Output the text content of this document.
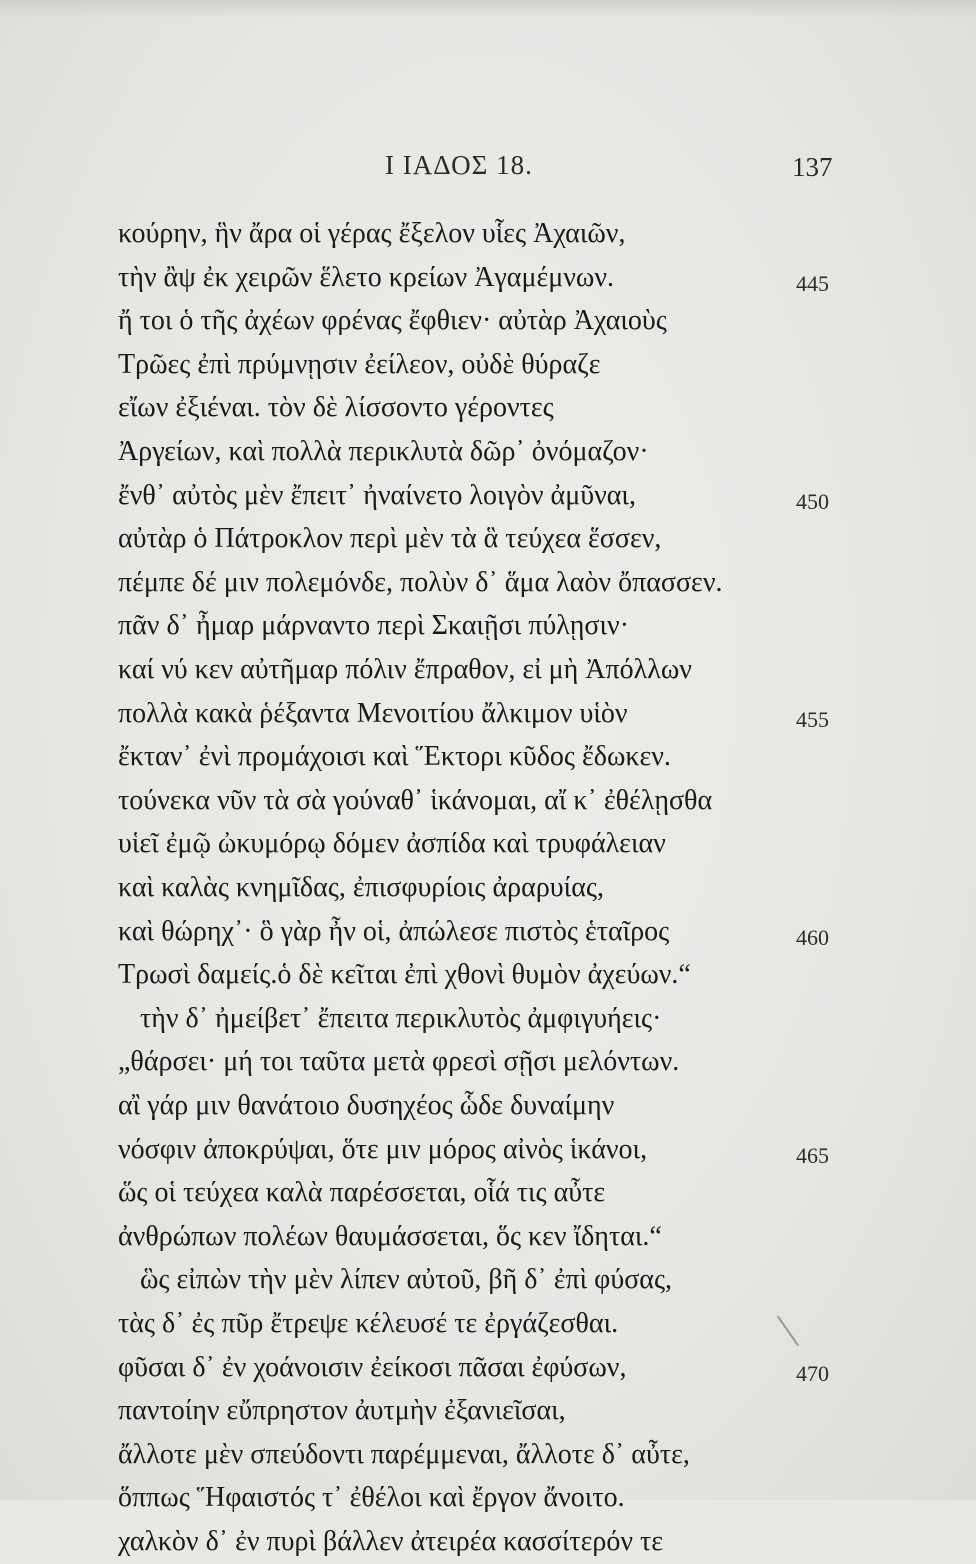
Ι ΙΑΔΟΣ 18.	137
κούρην, ἣν ἄρα οἱ γέρας ἔξελον υἷες Ἀχαιῶν,
τὴν ἂψ ἐκ χειρῶν ἕλετο κρείων Ἀγαμέμνων.	445
ἤ τοι ὁ τῆς ἀχέων φρένας ἔφθιεν· αὐτὰρ Ἀχαιοὺς
Τρῶες ἐπὶ πρύμνῃσιν ἐείλεον, οὐδὲ θύραζε
εἴων ἐξιέναι. τὸν δὲ λίσσοντο γέροντες
Ἀργείων, καὶ πολλὰ περικλυτὰ δῶρ᾽ ὀνόμαζον·
ἔνθ᾽ αὐτὸς μὲν ἔπειτ᾽ ἠναίνετο λοιγὸν ἀμῦναι,	450
αὐτὰρ ὁ Πάτροκλον περὶ μὲν τὰ ἃ τεύχεα ἕσσεν,
πέμπε δέ μιν πολεμόνδε, πολὺν δ᾽ ἅμα λαὸν ὄπασσεν.
πᾶν δ᾽ ἦμαρ μάρναντο περὶ Σκαιῇσι πύλῃσιν·
καί νύ κεν αὐτῆμαρ πόλιν ἔπραθον, εἰ μὴ Ἀπόλλων
πολλὰ κακὰ ῥέξαντα Μενοιτίου ἄλκιμον υἱὸν	455
ἔκταν᾽ ἐνὶ προμάχοισι καὶ Ἕκτορι κῦδος ἔδωκεν.
τούνεκα νῦν τὰ σὰ γούναθ᾽ ἱκάνομαι, αἴ κ᾽ ἐθέλῃσθα
υἱεῖ ἐμῷ ὠκυμόρῳ δόμεν ἀσπίδα καὶ τρυφάλειαν
καὶ καλὰς κνημῖδας, ἐπισφυρίοις ἀραρυίας,
καὶ θώρηχ᾽· ὃ γὰρ ἦν οἱ, ἀπώλεσε πιστὸς ἑταῖρος	460
Τρωσὶ δαμείς.ὁ δὲ κεῖται ἐπὶ χθονὶ θυμὸν ἀχεύων.“
τὴν δ᾽ ἠμείβετ᾽ ἔπειτα περικλυτὸς ἀμφιγυήεις·
„θάρσει· μή τοι ταῦτα μετὰ φρεσὶ σῇσι μελόντων.
αἲ γάρ μιν θανάτοιο δυσηχέος ὧδε δυναίμην
νόσφιν ἀποκρύψαι, ὅτε μιν μόρος αἰνὸς ἱκάνοι,	465
ὥς οἱ τεύχεα καλὰ παρέσσεται, οἷά τις αὖτε
ἀνθρώπων πολέων θαυμάσσεται, ὅς κεν ἴδηται.“
ὣς εἰπὼν τὴν μὲν λίπεν αὐτοῦ, βῆ δ᾽ ἐπὶ φύσας,
τὰς δ᾽ ἐς πῦρ ἔτρεψε κέλευσέ τε ἐργάζεσθαι.
φῦσαι δ᾽ ἐν χοάνοισιν ἐείκοσι πᾶσαι ἐφύσων,	470
παντοίην εὔπρηστον ἀυτμὴν ἐξανιεῖσαι,
ἄλλοτε μὲν σπεύδοντι παρέμμεναι, ἄλλοτε δ᾽ αὖτε,
ὅππως Ἥφαιστός τ᾽ ἐθέλοι καὶ ἔργον ἄνοιτο.
χαλκὸν δ᾽ ἐν πυρὶ βάλλεν ἀτειρέα κασσίτερόν τε
